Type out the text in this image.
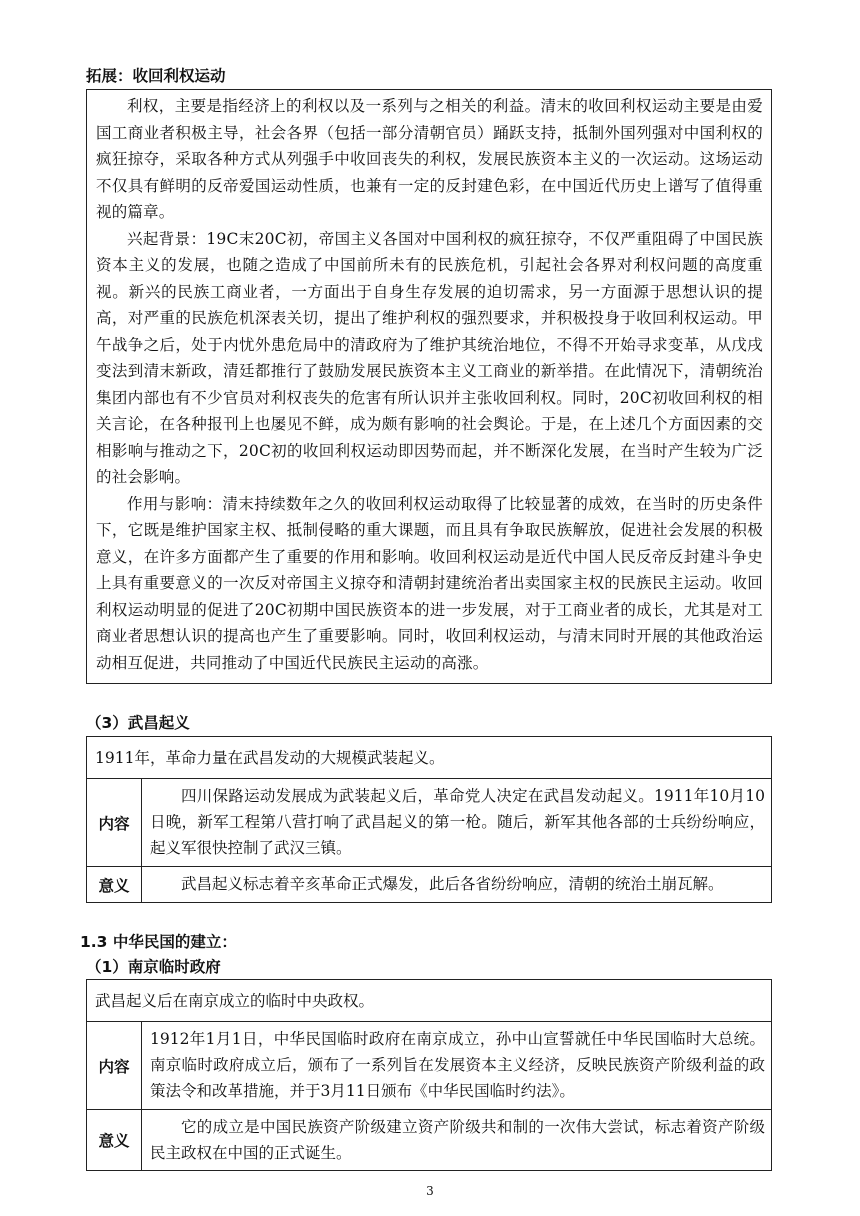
拓展：收回利权运动

利权，主要是指经济上的利权以及一系列与之相关的利益。清末的收回利权运动主要是由爱国工商业者积极主导，社会各界（包括一部分清朝官员）踊跃支持，抵制外国列强对中国利权的疯狂掠夺，采取各种方式从列强手中收回丧失的利权，发展民族资本主义的一次运动。这场运动不仅具有鲜明的反帝爱国运动性质，也兼有一定的反封建色彩，在中国近代历史上谱写了值得重视的篇章。

兴起背景：19C末20C初，帝国主义各国对中国利权的疯狂掠夺，不仅严重阻碍了中国民族资本主义的发展，也随之造成了中国前所未有的民族危机，引起社会各界对利权问题的高度重视。新兴的民族工商业者，一方面出于自身生存发展的迫切需求，另一方面源于思想认识的提高，对严重的民族危机深表关切，提出了维护利权的强烈要求，并积极投身于收回利权运动。甲午战争之后，处于内忧外患危局中的清政府为了维护其统治地位，不得不开始寻求变革，从戊戌变法到清末新政，清廷都推行了鼓励发展民族资本主义工商业的新举措。在此情况下，清朝统治集团内部也有不少官员对利权丧失的危害有所认识并主张收回利权。同时，20C初收回利权的相关言论，在各种报刊上也屡见不鲜，成为颇有影响的社会舆论。于是，在上述几个方面因素的交相影响与推动之下，20C初的收回利权运动即因势而起，并不断深化发展，在当时产生较为广泛的社会影响。

作用与影响：清末持续数年之久的收回利权运动取得了比较显著的成效，在当时的历史条件下，它既是维护国家主权、抵制侵略的重大课题，而且具有争取民族解放，促进社会发展的积极意义，在许多方面都产生了重要的作用和影响。收回利权运动是近代中国人民反帝反封建斗争史上具有重要意义的一次反对帝国主义掠夺和清朝封建统治者出卖国家主权的民族民主运动。收回利权运动明显的促进了20C初期中国民族资本的进一步发展，对于工商业者的成长，尤其是对工商业者思想认识的提高也产生了重要影响。同时，收回利权运动，与清末同时开展的其他政治运动相互促进，共同推动了中国近代民族民主运动的高涨。

（3）武昌起义
1911年，革命力量在武昌发动的大规模武装起义。	
内容	四川保路运动发展成为武装起义后，革命党人决定在武昌发动起义。1911年10月10日晚，新军工程第八营打响了武昌起义的第一枪。随后，新军其他各部的士兵纷纷响应，起义军很快控制了武汉三镇。

意义	武昌起义标志着辛亥革命正式爆发，此后各省纷纷响应，清朝的统治土崩瓦解。
1.3 中华民国的建立：
（1）南京临时政府
武昌起义后在南京成立的临时中央政权。	
内容	1912年1月1日，中华民国临时政府在南京成立，孙中山宣誓就任中华民国临时大总统。南京临时政府成立后，颁布了一系列旨在发展资本主义经济，反映民族资产阶级利益的政策法令和改革措施，并于3月11日颁布《中华民国临时约法》。
意义	它的成立是中国民族资产阶级建立资产阶级共和制的一次伟大尝试，标志着资产阶级民主政权在中国的正式诞生。
3
